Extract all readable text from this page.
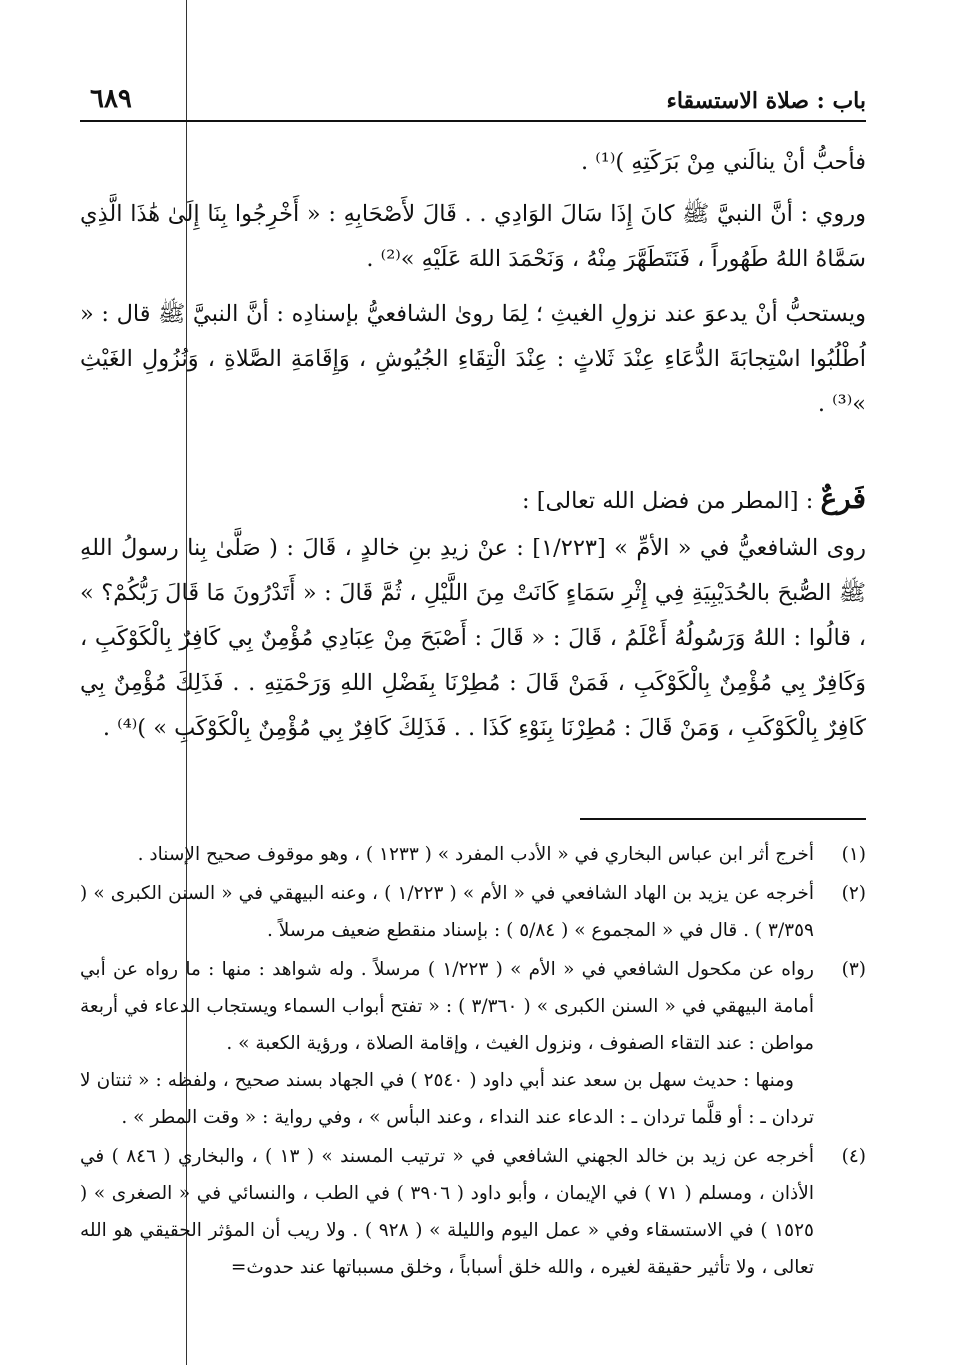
باب : صلاة الاستسقاء
٦٨٩

فأحبُّ أنْ ينالَني مِنْ بَرَكَتِهِ )⁽¹⁾ .

وروي : أنَّ النبيَّ ﷺ كانَ إِذَا سَالَ الوَادِي . . قَالَ لأَصْحَابِهِ : « أَخْرِجُوا بِنَا إِلَىٰ هَٰذَا الَّذِي سَمَّاهُ اللهُ طَهُوراً ، فَنَتَطَهَّرَ مِنْهُ ، وَنَحْمَدَ اللهَ عَلَيْهِ »⁽²⁾ .

ويستحبُّ أنْ يدعوَ عند نزولِ الغيثِ ؛ لِمَا روىٰ الشافعيُّ بإسنادِه : أنَّ النبيَّ ﷺ قال : « اُطْلُبُوا اسْتِجابَةَ الدُّعَاءِ عِنْدَ ثَلاثٍ : عِنْدَ الْتِقَاءِ الجُيُوشِ ، وَإِقَامَةِ الصَّلاةِ ، وَنُزُولِ الغَيْثِ »⁽³⁾ .

فَرعٌ : [المطر من فضل الله تعالى] :

روى الشافعيُّ في « الأمِّ » [١/٢٢٣] : عنْ زيدِ بنِ خالدٍ ، قَالَ : ( صَلَّىٰ بِنا رسولُ اللهِ ﷺ الصُّبحَ بالحُدَيْبِيَةِ فِي إِثْرِ سَمَاءٍ كَانَتْ مِنَ اللَّيْلِ ، ثُمَّ قَالَ : « أَتَدْرُونَ مَا قَالَ رَبُّكُمْ؟ » ، قالُوا : اللهُ وَرَسُولُهُ أَعْلَمُ ، قَالَ : « قَالَ : أَصْبَحَ مِنْ عِبَادِي مُؤْمِنٌ بِي كَافِرٌ بِالْكَوْكَبِ ، وَكَافِرٌ بِي مُؤْمِنٌ بِالْكَوْكَبِ ، فَمَنْ قَالَ : مُطِرْنَا بِفَضْلِ اللهِ وَرَحْمَتِهِ . . فَذَلِكَ مُؤْمِنٌ بِي كَافِرٌ بِالْكَوْكَبِ ، وَمَنْ قَالَ : مُطِرْنَا بِنَوْءِ كَذَا . . فَذَلِكَ كَافِرٌ بِي مُؤْمِنٌ بِالْكَوْكَبِ » )⁽⁴⁾ .

(١)
أخرج أثر ابن عباس البخاري في « الأدب المفرد » ( ١٢٣٣ ) ، وهو موقوف صحيح الإسناد .
(٢)
أخرجه عن يزيد بن الهاد الشافعي في « الأم » ( ١/٢٢٣ ) ، وعنه البيهقي في « السنن الكبرى » ( ٣/٣٥٩ ) . قال في « المجموع » ( ٥/٨٤ ) : بإسناد منقطع ضعيف مرسلاً .
(٣)
رواه عن مكحول الشافعي في « الأم » ( ١/٢٢٣ ) مرسلاً . وله شواهد : منها : ما رواه عن أبي أمامة البيهقي في « السنن الكبرى » ( ٣/٣٦٠ ) : « تفتح أبواب السماء ويستجاب الدعاء في أربعة مواطن : عند التقاء الصفوف ، ونزول الغيث ، وإقامة الصلاة ، ورؤية الكعبة » .
ومنها : حديث سهل بن سعد عند أبي داود ( ٢٥٤٠ ) في الجهاد بسند صحيح ، ولفظه : « ثنتان لا تردان ـ : أو قلَّما تردان ـ : الدعاء عند النداء ، وعند البأس » ، وفي رواية : « وقت المطر » .
(٤)
أخرجه عن زيد بن خالد الجهني الشافعي في « ترتيب المسند » ( ١٣ ) ، والبخاري ( ٨٤٦ ) في الأذان ، ومسلم ( ٧١ ) في الإيمان ، وأبو داود ( ٣٩٠٦ ) في الطب ، والنسائي في « الصغرى » ( ١٥٢٥ ) في الاستسقاء وفي « عمل اليوم والليلة » ( ٩٢٨ ) . ولا ريب أن المؤثر الحقيقي هو الله تعالى ، ولا تأثير حقيقة لغيره ، والله خلق أسباباً ، وخلق مسبباتها عند حدوث=
